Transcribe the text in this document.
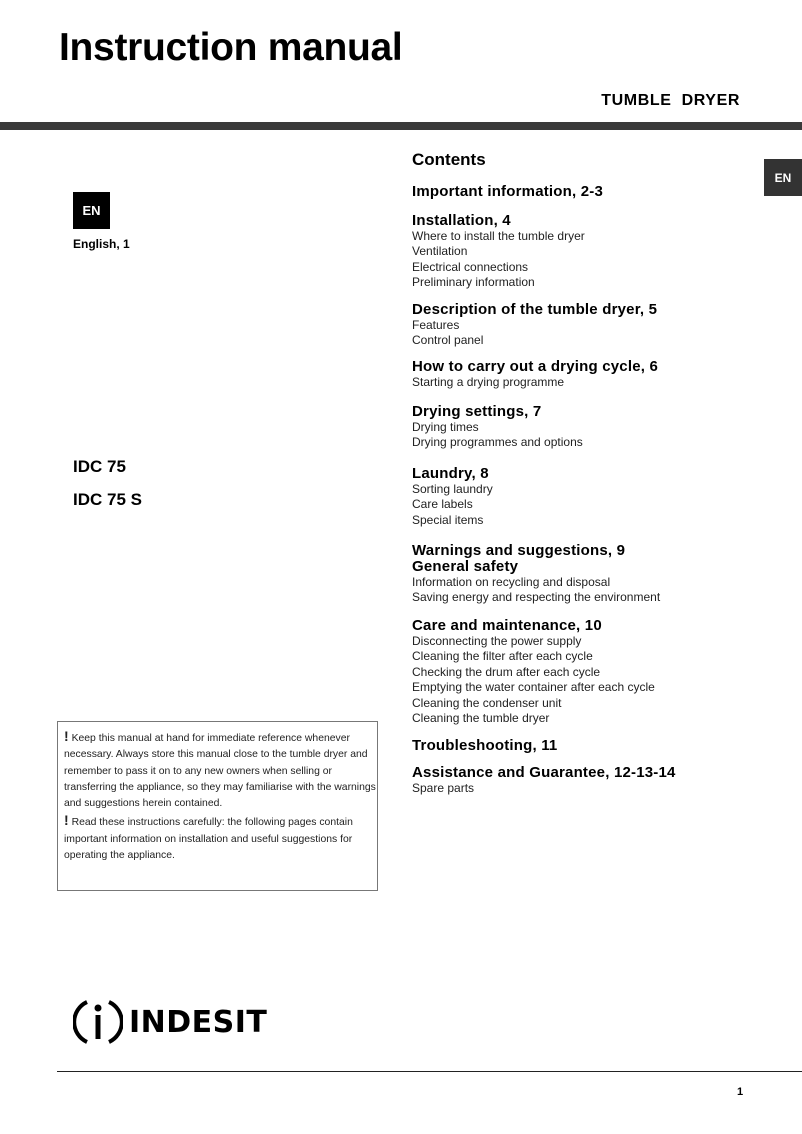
Instruction manual
TUMBLE  DRYER
EN
English, 1
EN
IDC 75
IDC 75 S
Contents
Important information, 2-3
Installation, 4
Where to install the tumble dryer
Ventilation
Electrical connections
Preliminary information
Description of the tumble dryer, 5
Features
Control panel
How to carry out a drying cycle, 6
Starting a drying programme
Drying settings, 7
Drying times
Drying programmes and options
Laundry, 8
Sorting laundry
Care labels
Special items
Warnings and suggestions, 9
General safety
Information on recycling and disposal
Saving energy and respecting the environment
Care and maintenance, 10
Disconnecting the power supply
Cleaning the filter after each cycle
Checking the drum after each cycle
Emptying the water container after each cycle
Cleaning the condenser unit
Cleaning the tumble dryer
Troubleshooting, 11
Assistance and Guarantee, 12-13-14
Spare parts
! Keep this manual at hand for immediate reference whenever necessary. Always store this manual close to the tumble dryer and remember to pass it on to any new owners when selling or transferring the appliance, so they may familiarise with the warnings and suggestions herein contained.
! Read these instructions carefully: the following pages contain important information on installation and useful suggestions for operating the appliance.
INDESIT
1
